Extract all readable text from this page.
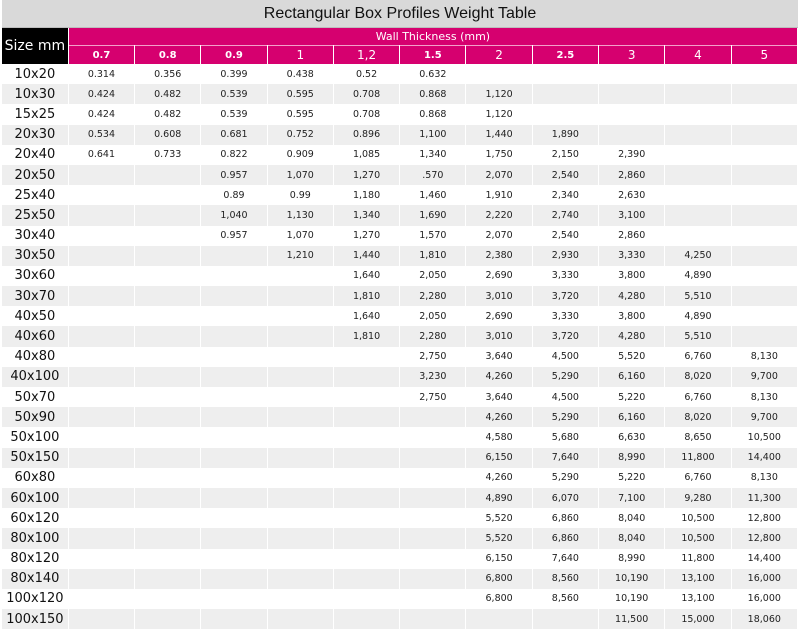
Rectangular Box Profiles Weight Table
Size mm	Wall Thickness (mm)										
	0.7	0.8	0.9	1	1,2	1.5	2	2.5	3	4	5
10x20	0.314	0.356	0.399	0.438	0.52	0.632					
10x30	0.424	0.482	0.539	0.595	0.708	0.868	1,120				
15x25	0.424	0.482	0.539	0.595	0.708	0.868	1,120				
20x30	0.534	0.608	0.681	0.752	0.896	1,100	1,440	1,890			
20x40	0.641	0.733	0.822	0.909	1,085	1,340	1,750	2,150	2,390		
20x50			0.957	1,070	1,270	.570	2,070	2,540	2,860		
25x40			0.89	0.99	1,180	1,460	1,910	2,340	2,630		
25x50			1,040	1,130	1,340	1,690	2,220	2,740	3,100		
30x40			0.957	1,070	1,270	1,570	2,070	2,540	2,860		
30x50				1,210	1,440	1,810	2,380	2,930	3,330	4,250	
30x60					1,640	2,050	2,690	3,330	3,800	4,890	
30x70					1,810	2,280	3,010	3,720	4,280	5,510	
40x50					1,640	2,050	2,690	3,330	3,800	4,890	
40x60					1,810	2,280	3,010	3,720	4,280	5,510	
40x80						2,750	3,640	4,500	5,520	6,760	8,130
40x100						3,230	4,260	5,290	6,160	8,020	9,700
50x70						2,750	3,640	4,500	5,220	6,760	8,130
50x90							4,260	5,290	6,160	8,020	9,700
50x100							4,580	5,680	6,630	8,650	10,500
50x150							6,150	7,640	8,990	11,800	14,400
60x80							4,260	5,290	5,220	6,760	8,130
60x100							4,890	6,070	7,100	9,280	11,300
60x120							5,520	6,860	8,040	10,500	12,800
80x100							5,520	6,860	8,040	10,500	12,800
80x120							6,150	7,640	8,990	11,800	14,400
80x140							6,800	8,560	10,190	13,100	16,000
100x120							6,800	8,560	10,190	13,100	16,000
100x150									11,500	15,000	18,060
